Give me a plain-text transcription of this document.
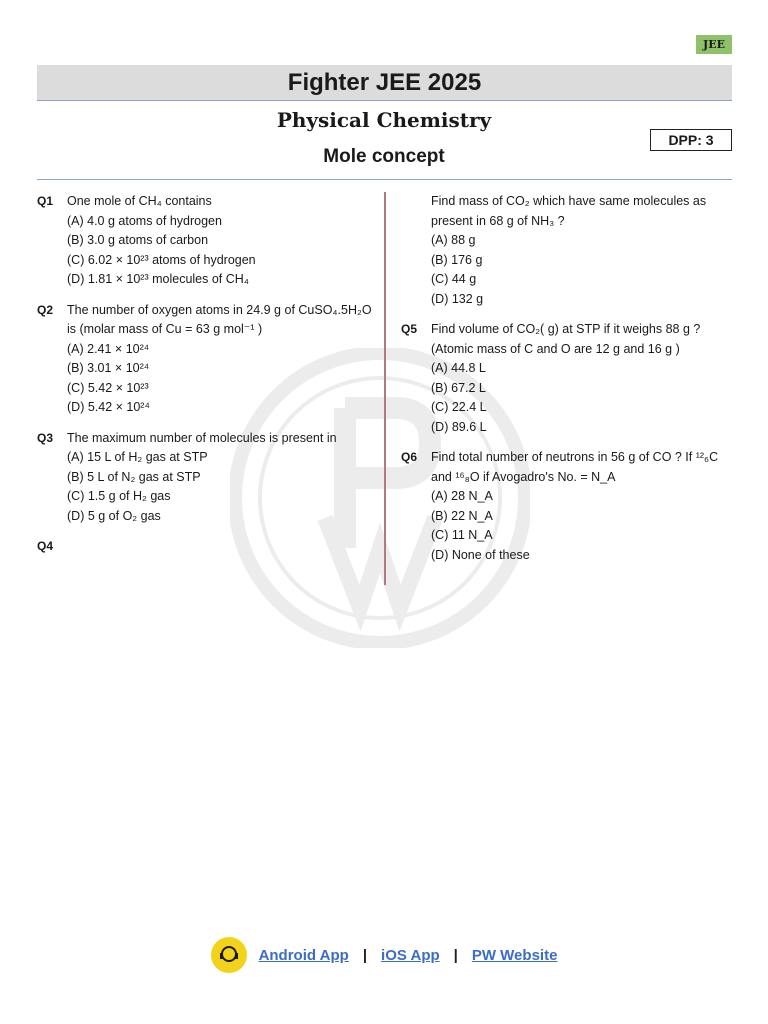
JEE
Fighter JEE 2025
Physical Chemistry
DPP: 3
Mole concept
Q1	One mole of CH₄ contains
(A) 4.0 g atoms of hydrogen
(B) 3.0 g atoms of carbon
(C) 6.02 × 10²³ atoms of hydrogen
(D) 1.81 × 10²³ molecules of CH₄
Q2	The number of oxygen atoms in 24.9 g of CuSO₄.5H₂O is (molar mass of Cu = 63 g mol⁻¹ )
(A) 2.41 × 10²⁴
(B) 3.01 × 10²⁴
(C) 5.42 × 10²³
(D) 5.42 × 10²⁴
Q3	The maximum number of molecules is present in
(A) 15 L of H₂ gas at STP
(B) 5 L of N₂ gas at STP
(C) 1.5 g of H₂ gas
(D) 5 g of O₂ gas
Q4
Find mass of CO₂ which have same molecules as present in 68 g of NH₃ ?
(A) 88 g
(B) 176 g
(C) 44 g
(D) 132 g
Q5	Find volume of CO₂( g) at STP if it weighs 88 g ?
(Atomic mass of C and O are 12 g and 16 g )
(A) 44.8 L
(B) 67.2 L
(C) 22.4 L
(D) 89.6 L
Q6	Find total number of neutrons in 56 g of CO ? If ¹²₆C and ¹⁶₈O if Avogadro's No. = N_A
(A) 28 N_A
(B) 22 N_A
(C) 11 N_A
(D) None of these
Android App | iOS App | PW Website
